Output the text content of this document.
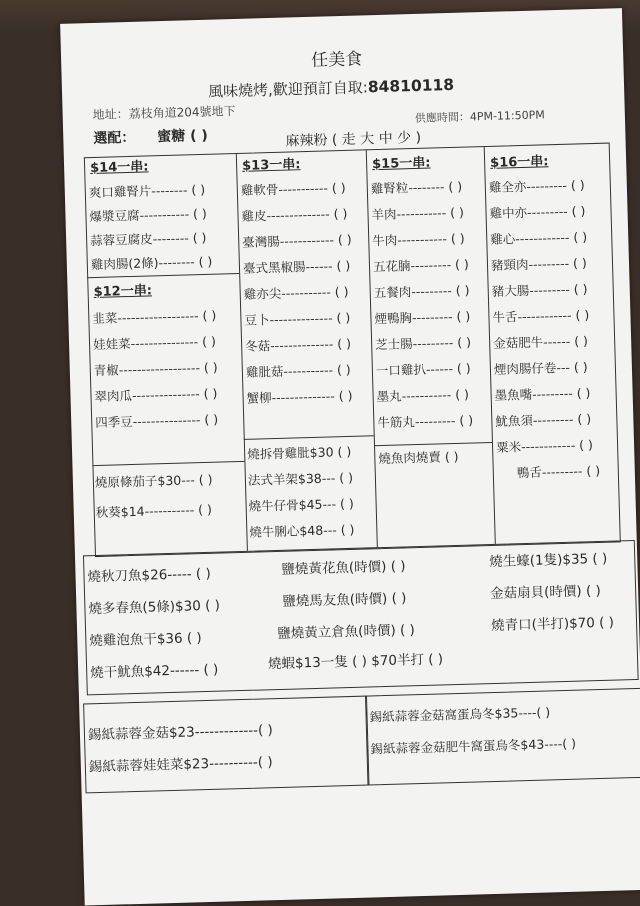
任美食
風味燒烤,歡迎預訂自取:84810118
地址：荔枝角道204號地下	供應時間：4PM-11:50PM
選配： 蜜糖 ( )	麻辣粉 ( 走 大 中 少 )
$14一串:
爽口雞腎片-------- ( )
爆漿豆腐----------- ( )
蒜蓉豆腐皮-------- ( )
雞肉腸(2條)-------- ( )
$12一串:
韭菜------------------ ( )
娃娃菜--------------- ( )
青椒------------------ ( )
翠肉瓜--------------- ( )
四季豆--------------- ( )
燒原條茄子$30--- ( )
秋葵$14----------- ( )
$13一串:
雞軟骨----------- ( )
雞皮-------------- ( )
臺灣腸------------ ( )
臺式黑椒腸------ ( )
雞亦尖----------- ( )
豆卜-------------- ( )
冬菇-------------- ( )
雞肶菇----------- ( )
蟹柳-------------- ( )
燒拆骨雞肶$30 ( )
法式羊架$38--- ( )
燒牛仔骨$45--- ( )
燒牛脷心$48--- ( )
$15一串:
雞腎粒-------- ( )
羊肉----------- ( )
牛肉----------- ( )
五花腩--------- ( )
五餐肉--------- ( )
煙鴨胸--------- ( )
芝士腸--------- ( )
一口雞扒------ ( )
墨丸----------- ( )
牛筋丸--------- ( )
燒魚肉燒賣 ( )
$16一串:
雞全亦--------- ( )
雞中亦--------- ( )
雞心------------ ( )
豬頸肉--------- ( )
豬大腸--------- ( )
牛舌------------ ( )
金菇肥牛------ ( )
煙肉腸仔卷--- ( )
墨魚嘴--------- ( )
魷魚須--------- ( )
粟米------------ ( )
鴨舌--------- ( )
燒秋刀魚$26----- ( )
燒多春魚(5條)$30 ( )
燒雞泡魚干$36 ( )
燒干魷魚$42------ ( )
鹽燒黃花魚(時價) ( )
鹽燒馬友魚(時價) ( )
鹽燒黃立倉魚(時價) ( )
燒蝦$13一隻 ( ) $70半打 ( )
燒生蠔(1隻)$35 ( )
金菇扇貝(時價) ( )
燒青口(半打)$70 ( )
錫紙蒜蓉金菇$23-------------( )
錫紙蒜蓉娃娃菜$23----------( )
錫紙蒜蓉金菇窩蛋烏冬$35----( )
錫紙蒜蓉金菇肥牛窩蛋烏冬$43----( )
